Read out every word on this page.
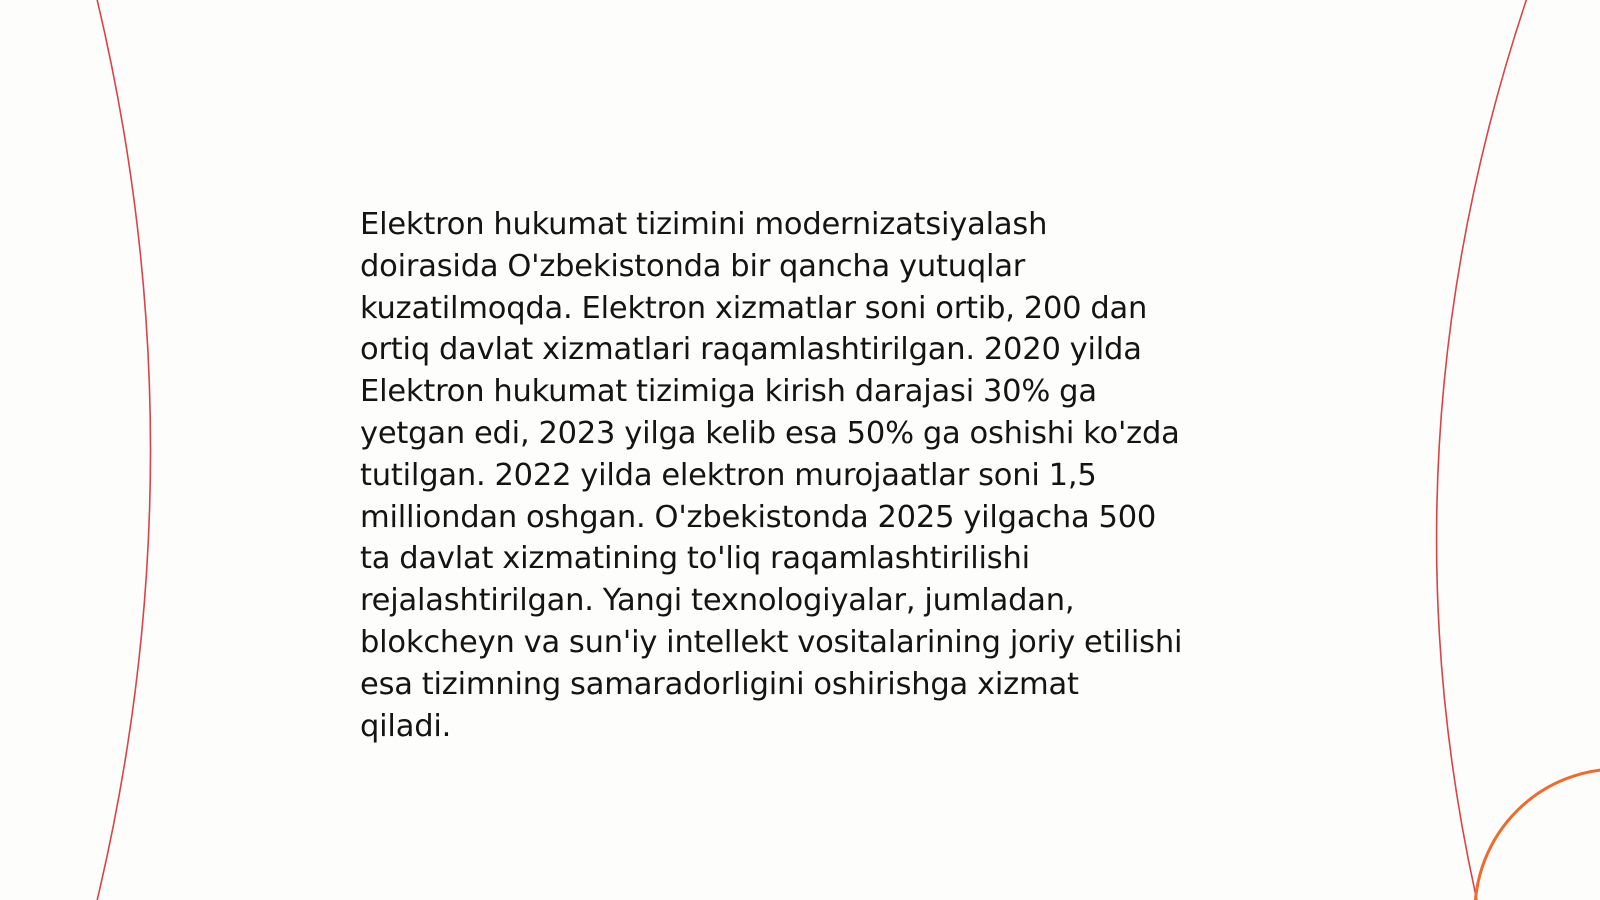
Elektron hukumat tizimini modernizatsiyalash
doirasida O'zbekistonda bir qancha yutuqlar
kuzatilmoqda. Elektron xizmatlar soni ortib, 200 dan
ortiq davlat xizmatlari raqamlashtirilgan. 2020 yilda
Elektron hukumat tizimiga kirish darajasi 30% ga
yetgan edi, 2023 yilga kelib esa 50% ga oshishi ko'zda
tutilgan. 2022 yilda elektron murojaatlar soni 1,5
milliondan oshgan. O'zbekistonda 2025 yilgacha 500
ta davlat xizmatining to'liq raqamlashtirilishi
rejalashtirilgan. Yangi texnologiyalar, jumladan,
blokcheyn va sun'iy intellekt vositalarining joriy etilishi
esa tizimning samaradorligini oshirishga xizmat
qiladi.
